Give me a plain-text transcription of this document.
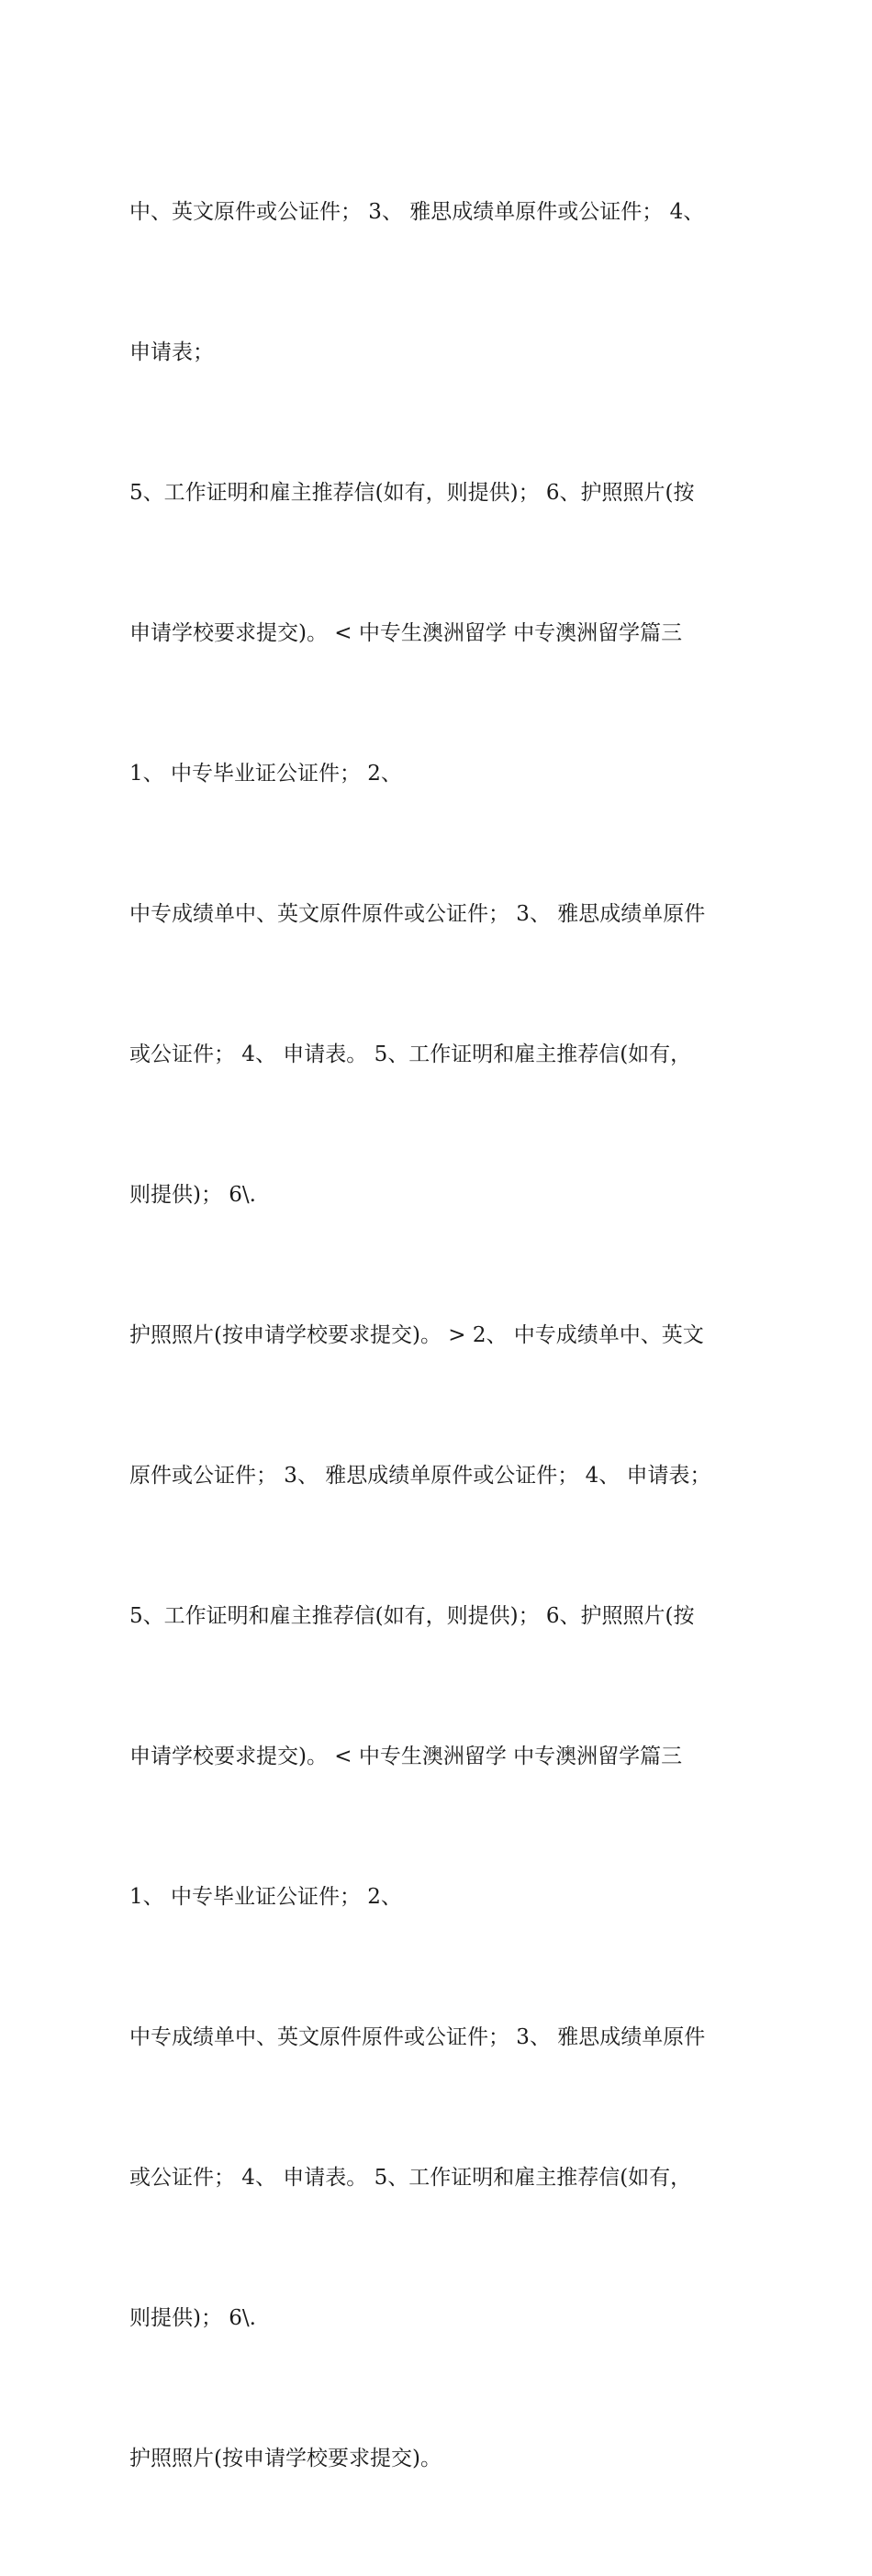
中、英文原件或公证件； 3、 雅思成绩单原件或公证件； 4、

申请表；

5、工作证明和雇主推荐信(如有，则提供)； 6、护照照片(按

申请学校要求提交)。 < 中专生澳洲留学 中专澳洲留学篇三

1、 中专毕业证公证件； 2、

中专成绩单中、英文原件原件或公证件； 3、 雅思成绩单原件

或公证件； 4、 申请表。 5、工作证明和雇主推荐信(如有，

则提供)； 6\.

护照照片(按申请学校要求提交)。 > 2、 中专成绩单中、英文

原件或公证件； 3、 雅思成绩单原件或公证件； 4、 申请表；

5、工作证明和雇主推荐信(如有，则提供)； 6、护照照片(按

申请学校要求提交)。 < 中专生澳洲留学 中专澳洲留学篇三

1、 中专毕业证公证件； 2、

中专成绩单中、英文原件原件或公证件； 3、 雅思成绩单原件

或公证件； 4、 申请表。 5、工作证明和雇主推荐信(如有，

则提供)； 6\.

护照照片(按申请学校要求提交)。
